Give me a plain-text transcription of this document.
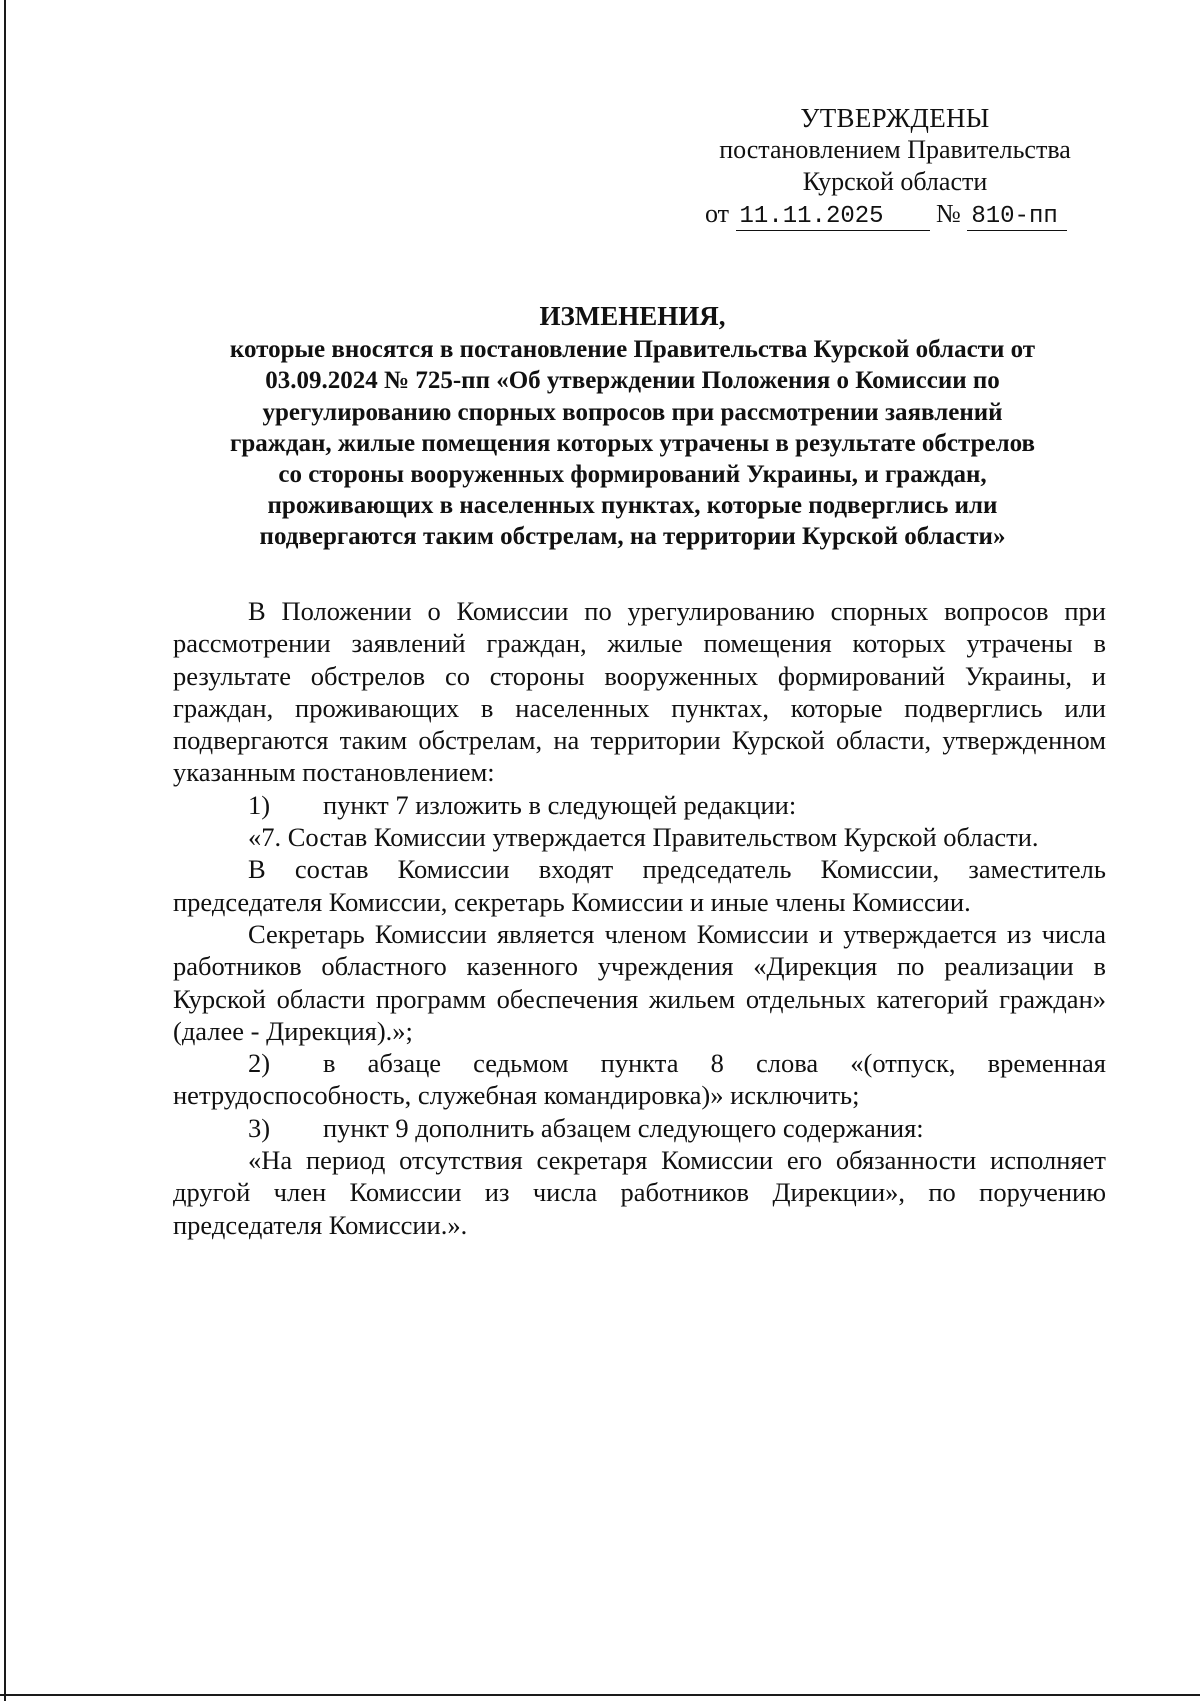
УТВЕРЖДЕНЫ
постановлением Правительства
Курской области
от 11.11.2025 № 810-пп
ИЗМЕНЕНИЯ,
которые вносятся в постановление Правительства Курской области от
03.09.2024 № 725-пп «Об утверждении Положения о Комиссии по
урегулированию спорных вопросов при рассмотрении заявлений
граждан, жилые помещения которых утрачены в результате обстрелов
со стороны вооруженных формирований Украины, и граждан,
проживающих в населенных пунктах, которые подверглись или
подвергаются таким обстрелам, на территории Курской области»

В Положении о Комиссии по урегулированию спорных вопросов при рассмотрении заявлений граждан, жилые помещения которых утрачены в результате обстрелов со стороны вооруженных формирований Украины, и граждан, проживающих в населенных пунктах, которые подверглись или подвергаются таким обстрелам, на территории Курской области, утвержденном указанным постановлением:

1) пункт 7 изложить в следующей редакции:

«7. Состав Комиссии утверждается Правительством Курской области.

В состав Комиссии входят председатель Комиссии, заместитель председателя Комиссии, секретарь Комиссии и иные члены Комиссии.

Секретарь Комиссии является членом Комиссии и утверждается из числа работников областного казенного учреждения «Дирекция по реализации в Курской области программ обеспечения жильем отдельных категорий граждан» (далее - Дирекция).»;

2) в абзаце седьмом пункта 8 слова «(отпуск, временная нетрудоспособность, служебная командировка)» исключить;

3) пункт 9 дополнить абзацем следующего содержания:

«На период отсутствия секретаря Комиссии его обязанности исполняет другой член Комиссии из числа работников Дирекции», по поручению председателя Комиссии.».
